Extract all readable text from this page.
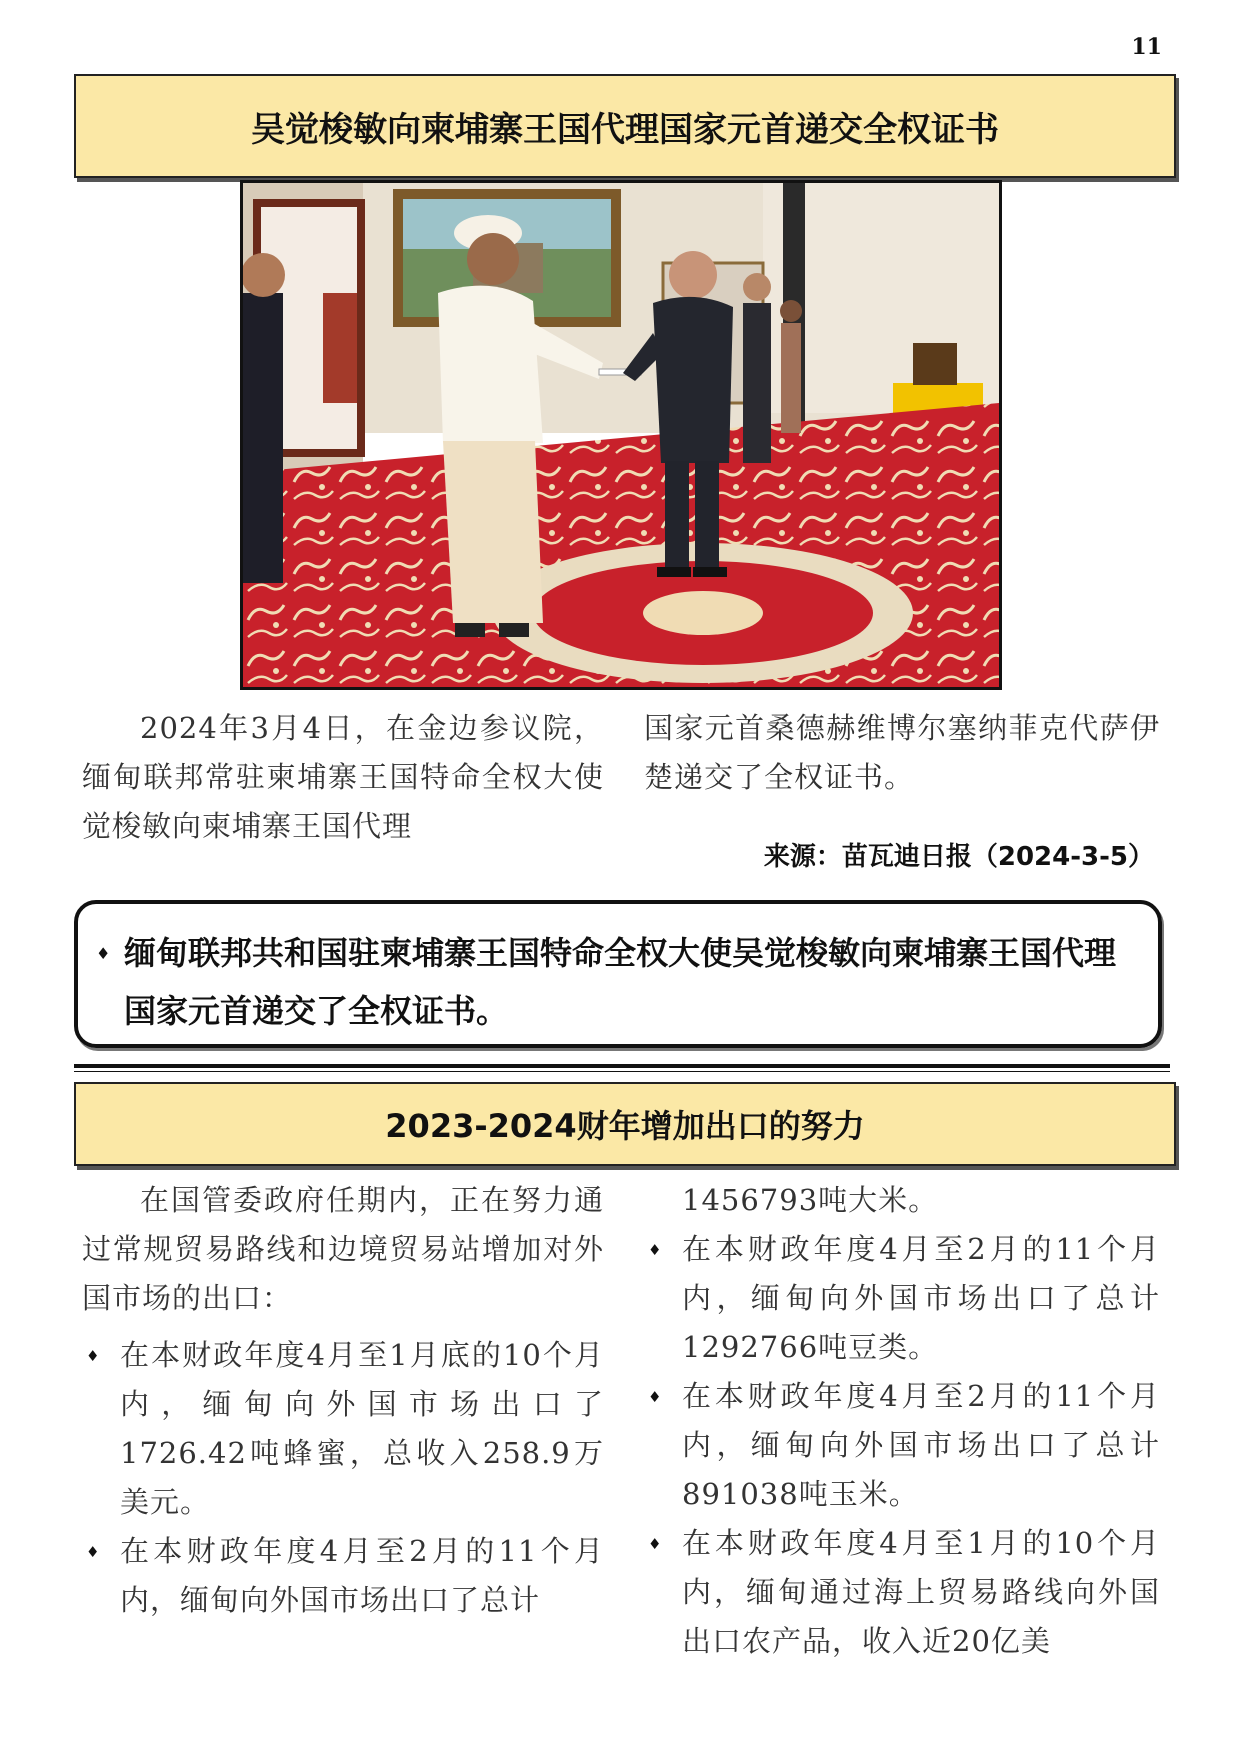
11
吴觉梭敏向柬埔寨王国代理国家元首递交全权证书

2024年3月4日，在金边参议院，缅甸联邦常驻柬埔寨王国特命全权大使觉梭敏向柬埔寨王国代理

国家元首桑德赫维博尔塞纳菲克代萨伊楚递交了全权证书。

来源：苗瓦迪日报（2024-3-5）
♦ 缅甸联邦共和国驻柬埔寨王国特命全权大使吴觉梭敏向柬埔寨王国代理国家元首递交了全权证书。
2023-2024财年增加出口的努力

在国管委政府任期内，正在努力通过常规贸易路线和边境贸易站增加对外国市场的出口：

♦ 在本财政年度4月至1月底的10个月内，缅甸向外国市场出口了1726.42吨蜂蜜，总收入258.9万美元。
♦ 在本财政年度4月至2月的11个月内，缅甸向外国市场出口了总计

1456793吨大米。

♦ 在本财政年度4月至2月的11个月内，缅甸向外国市场出口了总计1292766吨豆类。
♦ 在本财政年度4月至2月的11个月内，缅甸向外国市场出口了总计891038吨玉米。
♦ 在本财政年度4月至1月的10个月内，缅甸通过海上贸易路线向外国出口农产品，收入近20亿美
